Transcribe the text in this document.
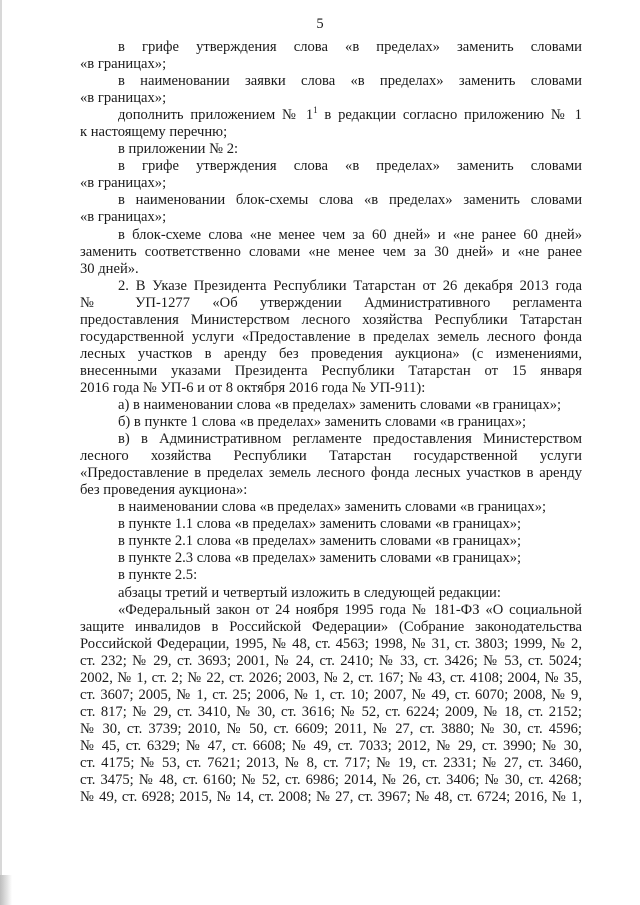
5

в грифе утверждения слова «в пределах» заменить словами

«в границах»;

в наименовании заявки слова «в пределах» заменить словами

«в границах»;

дополнить приложением № $1^1$ в редакции согласно приложению № 1

к настоящему перечню;

в приложении № 2:

в грифе утверждения слова «в пределах» заменить словами

«в границах»;

в наименовании блок-схемы слова «в пределах» заменить словами

«в границах»;

в блок-схеме слова «не менее чем за 60 дней» и «не ранее 60 дней»

заменить соответственно словами «не менее чем за 30 дней» и «не ранее

30 дней».

2. В Указе Президента Республики Татарстан от 26 декабря 2013 года

№ УП-1277 «Об утверждении Административного регламента

предоставления Министерством лесного хозяйства Республики Татарстан

государственной услуги «Предоставление в пределах земель лесного фонда

лесных участков в аренду без проведения аукциона» (с изменениями,

внесенными указами Президента Республики Татарстан от 15 января

2016 года № УП-6 и от 8 октября 2016 года № УП-911):

а) в наименовании слова «в пределах» заменить словами «в границах»;

б) в пункте 1 слова «в пределах» заменить словами «в границах»;

в) в Административном регламенте предоставления Министерством

лесного хозяйства Республики Татарстан государственной услуги

«Предоставление в пределах земель лесного фонда лесных участков в аренду

без проведения аукциона»:

в наименовании слова «в пределах» заменить словами «в границах»;

в пункте 1.1 слова «в пределах» заменить словами «в границах»;

в пункте 2.1 слова «в пределах» заменить словами «в границах»;

в пункте 2.3 слова «в пределах» заменить словами «в границах»;

в пункте 2.5:

абзацы третий и четвертый изложить в следующей редакции:

«Федеральный закон от 24 ноября 1995 года № 181-ФЗ «О социальной

защите инвалидов в Российской Федерации» (Собрание законодательства

Российской Федерации, 1995, № 48, ст. 4563; 1998, № 31, ст. 3803; 1999, № 2,

ст. 232; № 29, ст. 3693; 2001, № 24, ст. 2410; № 33, ст. 3426; № 53, ст. 5024;

2002, № 1, ст. 2; № 22, ст. 2026; 2003, № 2, ст. 167; № 43, ст. 4108; 2004, № 35,

ст. 3607; 2005, № 1, ст. 25; 2006, № 1, ст. 10; 2007, № 49, ст. 6070; 2008, № 9,

ст. 817; № 29, ст. 3410, № 30, ст. 3616; № 52, ст. 6224; 2009, № 18, ст. 2152;

№ 30, ст. 3739; 2010, № 50, ст. 6609; 2011, № 27, ст. 3880; № 30, ст. 4596;

№ 45, ст. 6329; № 47, ст. 6608; № 49, ст. 7033; 2012, № 29, ст. 3990; № 30,

ст. 4175; № 53, ст. 7621; 2013, № 8, ст. 717; № 19, ст. 2331; № 27, ст. 3460,

ст. 3475; № 48, ст. 6160; № 52, ст. 6986; 2014, № 26, ст. 3406; № 30, ст. 4268;

№ 49, ст. 6928; 2015, № 14, ст. 2008; № 27, ст. 3967; № 48, ст. 6724; 2016, № 1,
